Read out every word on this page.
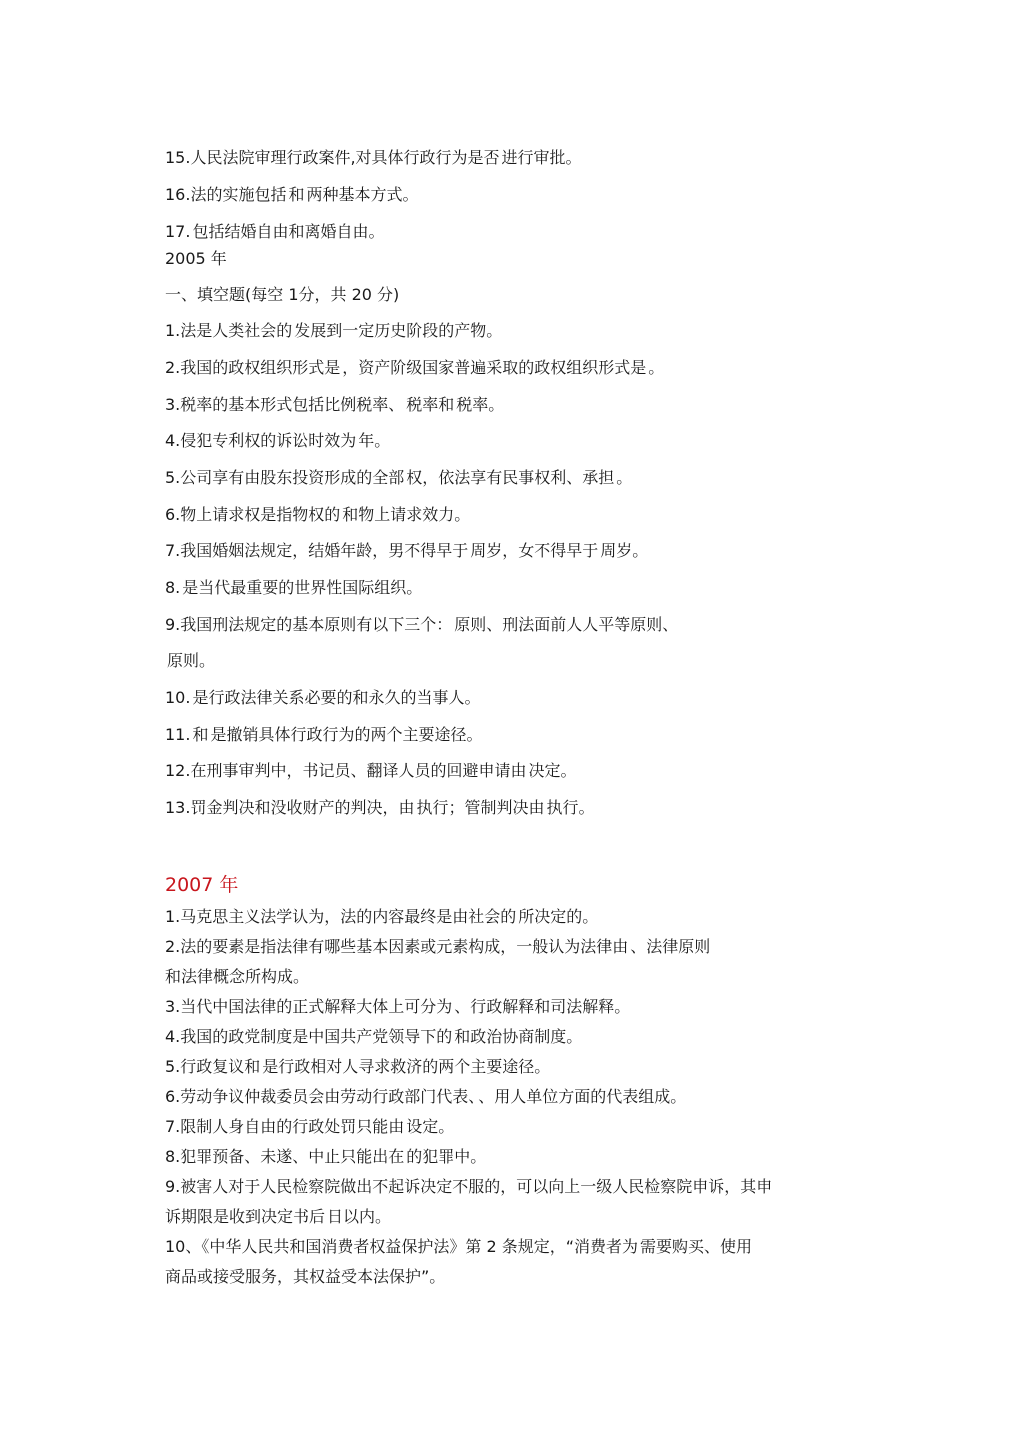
15.人民法院审理行政案件,对具体行政行为是否 进行审批。

16.法的实施包括 和 两种基本方式。

17. 包括结婚自由和离婚自由。

2005 年

一、填空题(每空 1分，共 20 分)

1.法是人类社会的 发展到一定历史阶段的产物。

2.我国的政权组织形式是 ，资产阶级国家普遍采取的政权组织形式是 。

3.税率的基本形式包括比例税率、 税率和 税率。

4.侵犯专利权的诉讼时效为 年。

5.公司享有由股东投资形成的全部 权，依法享有民事权利、承担 。

6.物上请求权是指物权的 和物上请求效力。

7.我国婚姻法规定，结婚年龄，男不得早于 周岁，女不得早于 周岁。

8. 是当代最重要的世界性国际组织。

9.我国刑法规定的基本原则有以下三个： 原则、刑法面前人人平等原则、

原则。

10. 是行政法律关系必要的和永久的当事人。

11. 和 是撤销具体行政行为的两个主要途径。

12.在刑事审判中，书记员、翻译人员的回避申请由 决定。

13.罚金判决和没收财产的判决，由 执行；管制判决由 执行。

2007 年

1.马克思主义法学认为，法的内容最终是由社会的 所决定的。

2.法的要素是指法律有哪些基本因素或元素构成，一般认为法律由 、法律原则

和法律概念所构成。

3.当代中国法律的正式解释大体上可分为 、行政解释和司法解释。

4.我国的政党制度是中国共产党领导下的 和政治协商制度。

5.行政复议和 是行政相对人寻求救济的两个主要途径。

6.劳动争议仲裁委员会由劳动行政部门代表、 、用人单位方面的代表组成。

7.限制人身自由的行政处罚只能由 设定。

8.犯罪预备、未遂、中止只能出在 的犯罪中。

9.被害人对于人民检察院做出不起诉决定不服的，可以向上一级人民检察院申诉，其申

诉期限是收到决定书后 日以内。

10、《中华人民共和国消费者权益保护法》第 2 条规定，“消费者为 需要购买、使用

商品或接受服务，其权益受本法保护”。
